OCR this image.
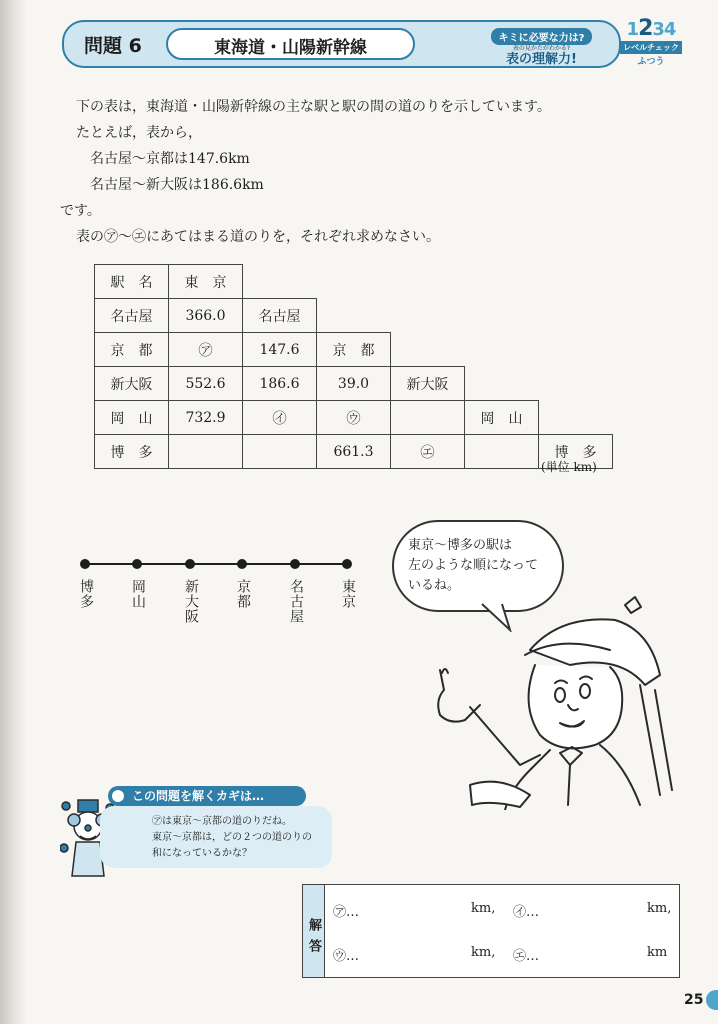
問題 6	東海道・山陽新幹線	キミに必要な力は?
表の見かたがわかる?
表の理解力!
1234
レベルチェック
ふつう
下の表は，東海道・山陽新幹線の主な駅と駅の間の道のりを示しています。
たとえば，表から，
名古屋～京都は147.6km
名古屋～新大阪は186.6km
です。
表の㋐～㋓にあてはまる道のりを，それぞれ求めなさい。
駅　名	東　京					
名古屋	366.0	名古屋				
京　都	㋐	147.6	京　都			
新大阪	552.6	186.6	39.0	新大阪		
岡　山	732.9	㋑	㋒		岡　山	
博　多			661.3	㋓		博　多
(単位 km)
博多	岡山	新大阪	京都	名古屋	東京
東京～博多の駅は
左のような順になって
いるね。
㋐は東京～京都の道のりだね。
東京～京都は，どの２つの道のりの
和になっているかな？
この問題を解くカギは…
解答
㋐…	km, ㋑…	km,
㋒…	km, ㋓…	km
25
